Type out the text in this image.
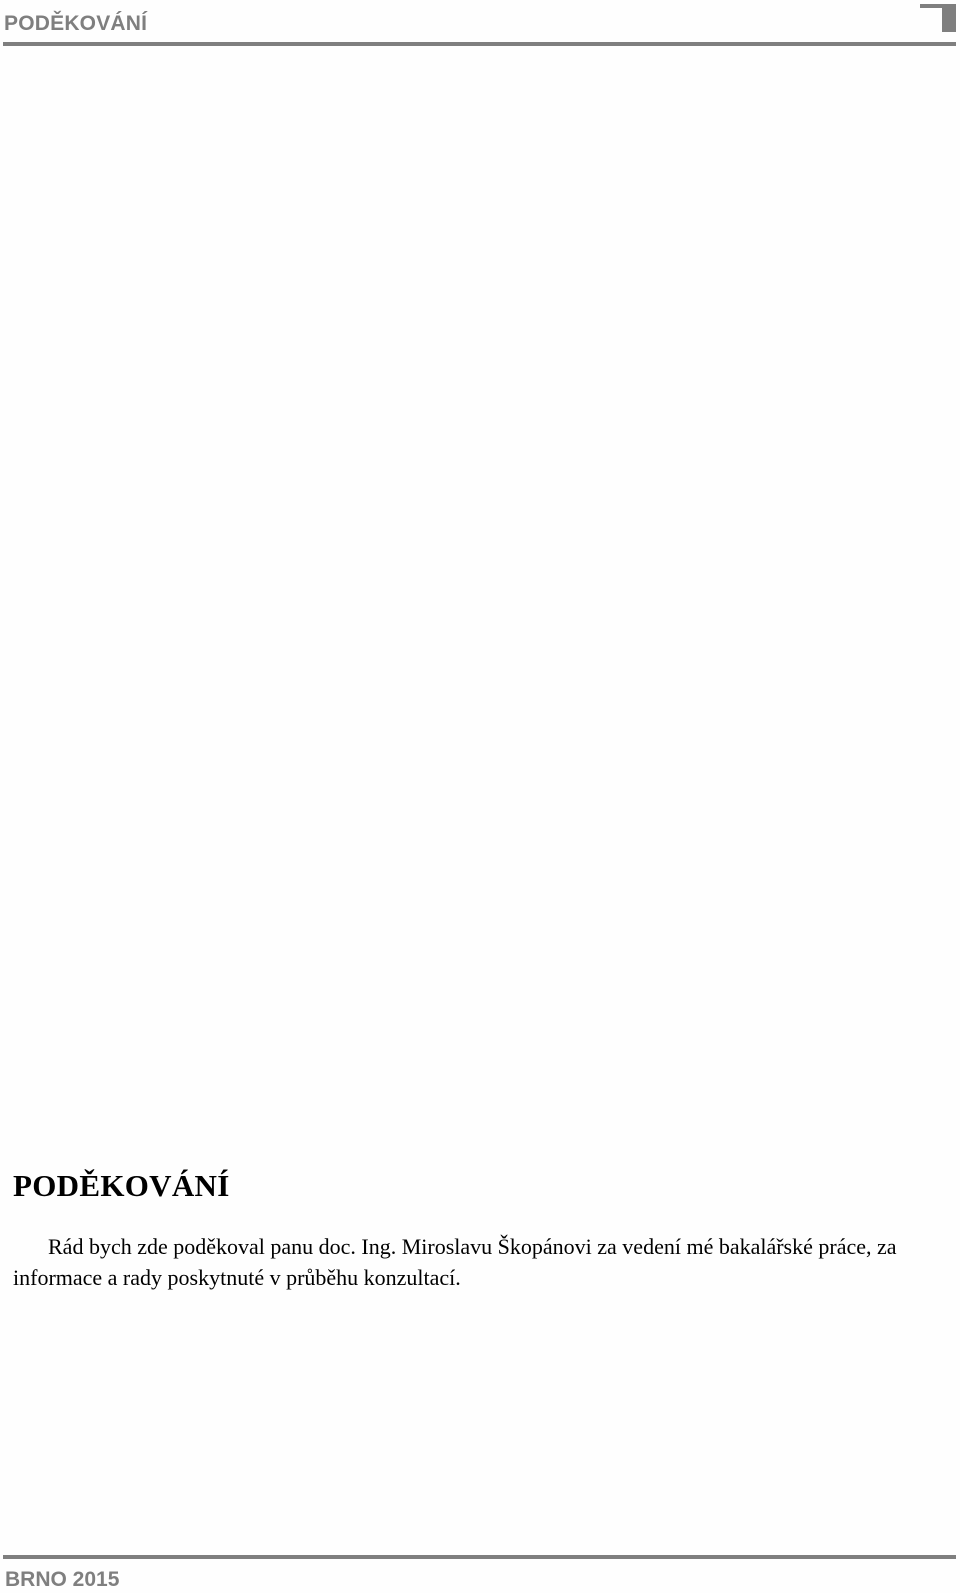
PODĚKOVÁNÍ
PODĚKOVÁNÍ

Rád bych zde poděkoval panu doc. Ing. Miroslavu Škopánovi za vedení mé bakalářské práce, za informace a rady poskytnuté v průběhu konzultací.

BRNO 2015
